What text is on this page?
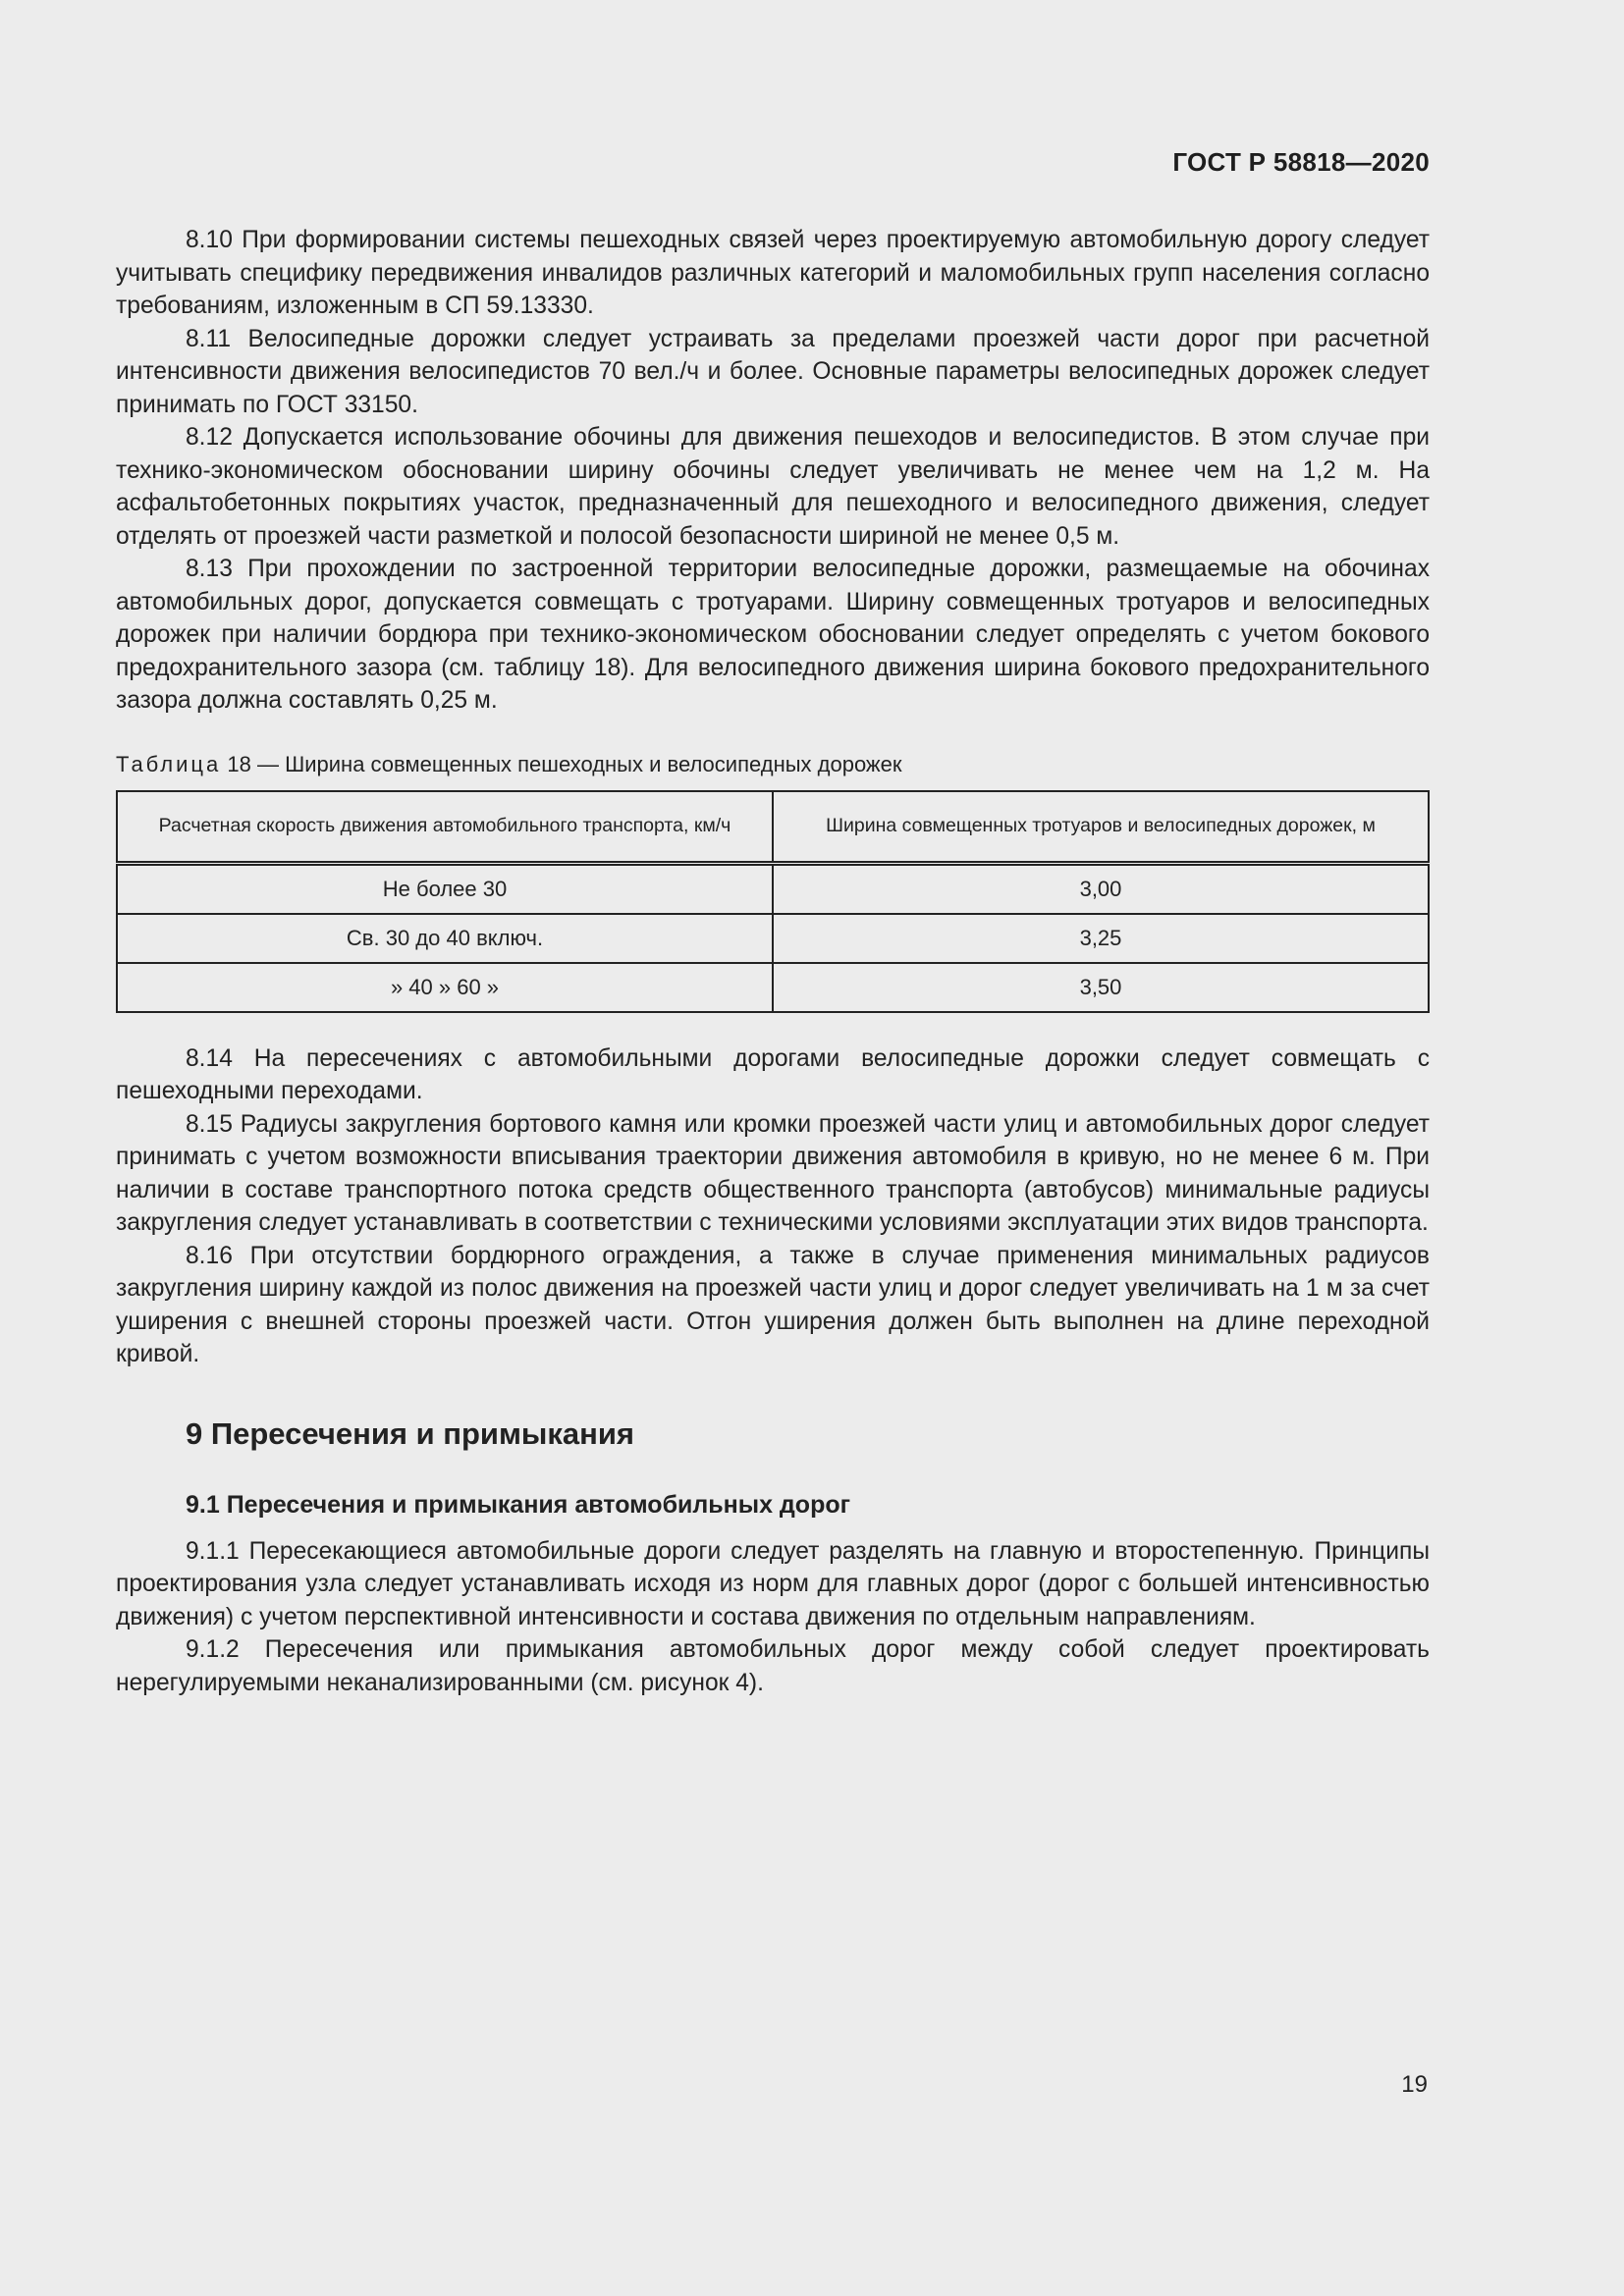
ГОСТ Р 58818—2020

8.10 При формировании системы пешеходных связей через проектируемую автомобильную дорогу следует учитывать специфику передвижения инвалидов различных категорий и маломобильных групп населения согласно требованиям, изложенным в СП 59.13330.

8.11 Велосипедные дорожки следует устраивать за пределами проезжей части дорог при расчетной интенсивности движения велосипедистов 70 вел./ч и более. Основные параметры велосипедных дорожек следует принимать по ГОСТ 33150.

8.12 Допускается использование обочины для движения пешеходов и велосипедистов. В этом случае при технико-экономическом обосновании ширину обочины следует увеличивать не менее чем на 1,2 м. На асфальтобетонных покрытиях участок, предназначенный для пешеходного и велосипедного движения, следует отделять от проезжей части разметкой и полосой безопасности шириной не менее 0,5 м.

8.13 При прохождении по застроенной территории велосипедные дорожки, размещаемые на обочинах автомобильных дорог, допускается совмещать с тротуарами. Ширину совмещенных тротуаров и велосипедных дорожек при наличии бордюра при технико-экономическом обосновании следует определять с учетом бокового предохранительного зазора (см. таблицу 18). Для велосипедного движения ширина бокового предохранительного зазора должна составлять 0,25 м.

Таблица 18 — Ширина совмещенных пешеходных и велосипедных дорожек
Расчетная скорость движения автомобильного транспорта, км/ч	Ширина совмещенных тротуаров и велосипедных дорожек, м
Не более 30	3,00
Св. 30 до 40 включ.	3,25
» 40 » 60 »	3,50

8.14 На пересечениях с автомобильными дорогами велосипедные дорожки следует совмещать с пешеходными переходами.

8.15 Радиусы закругления бортового камня или кромки проезжей части улиц и автомобильных дорог следует принимать с учетом возможности вписывания траектории движения автомобиля в кривую, но не менее 6 м. При наличии в составе транспортного потока средств общественного транспорта (автобусов) минимальные радиусы закругления следует устанавливать в соответствии с техническими условиями эксплуатации этих видов транспорта.

8.16 При отсутствии бордюрного ограждения, а также в случае применения минимальных радиусов закругления ширину каждой из полос движения на проезжей части улиц и дорог следует увеличивать на 1 м за счет уширения с внешней стороны проезжей части. Отгон уширения должен быть выполнен на длине переходной кривой.

9 Пересечения и примыкания
9.1 Пересечения и примыкания автомобильных дорог

9.1.1 Пересекающиеся автомобильные дороги следует разделять на главную и второстепенную. Принципы проектирования узла следует устанавливать исходя из норм для главных дорог (дорог с большей интенсивностью движения) с учетом перспективной интенсивности и состава движения по отдельным направлениям.

9.1.2 Пересечения или примыкания автомобильных дорог между собой следует проектировать нерегулируемыми неканализированными (см. рисунок 4).

19
